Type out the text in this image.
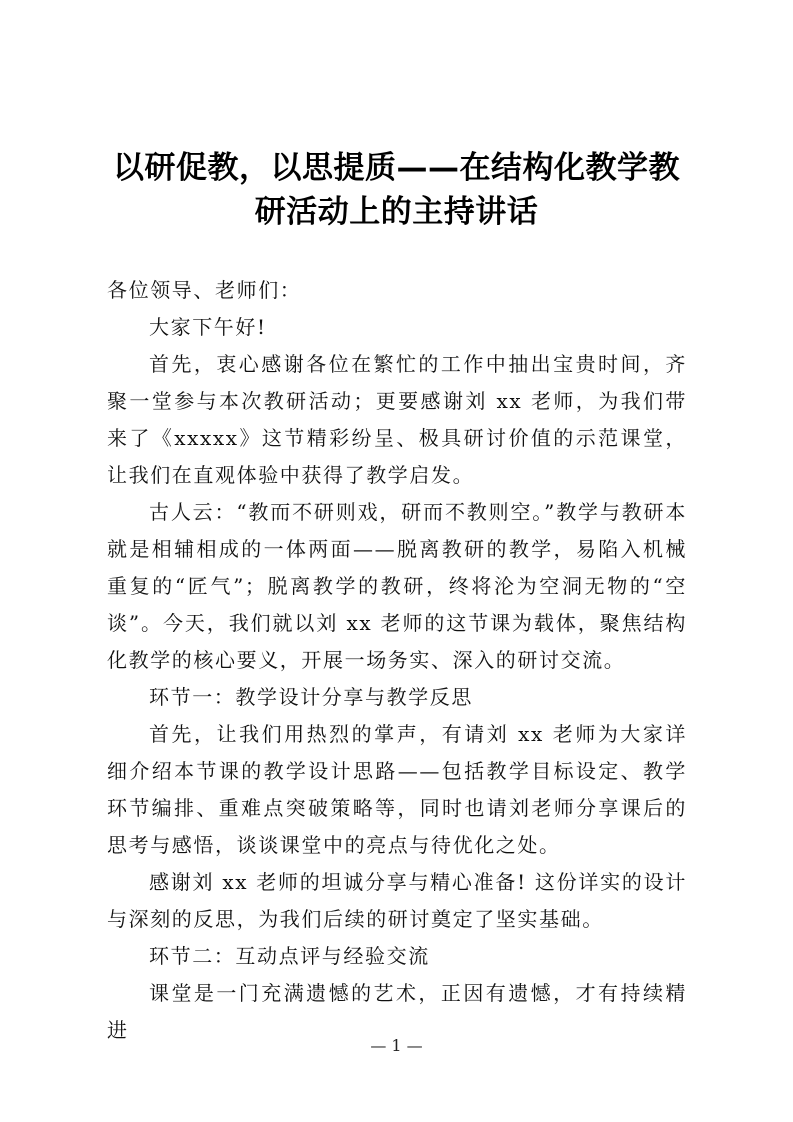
以研促教，以思提质——在结构化教学教
研活动上的主持讲话

各位领导、老师们：

大家下午好!

首先，衷心感谢各位在繁忙的工作中抽出宝贵时间，齐聚一堂参与本次教研活动；更要感谢刘 xx 老师，为我们带来了《xxxxx》这节精彩纷呈、极具研讨价值的示范课堂，让我们在直观体验中获得了教学启发。

古人云：“教而不研则戏，研而不教则空。”教学与教研本就是相辅相成的一体两面——脱离教研的教学，易陷入机械重复的“匠气”；脱离教学的教研，终将沦为空洞无物的“空谈”。今天，我们就以刘 xx 老师的这节课为载体，聚焦结构化教学的核心要义，开展一场务实、深入的研讨交流。

环节一：教学设计分享与教学反思

首先，让我们用热烈的掌声，有请刘 xx 老师为大家详细介绍本节课的教学设计思路——包括教学目标设定、教学环节编排、重难点突破策略等，同时也请刘老师分享课后的思考与感悟，谈谈课堂中的亮点与待优化之处。

感谢刘 xx 老师的坦诚分享与精心准备! 这份详实的设计与深刻的反思，为我们后续的研讨奠定了坚实基础。

环节二：互动点评与经验交流

课堂是一门充满遗憾的艺术，正因有遗憾，才有持续精进

— 1 —
